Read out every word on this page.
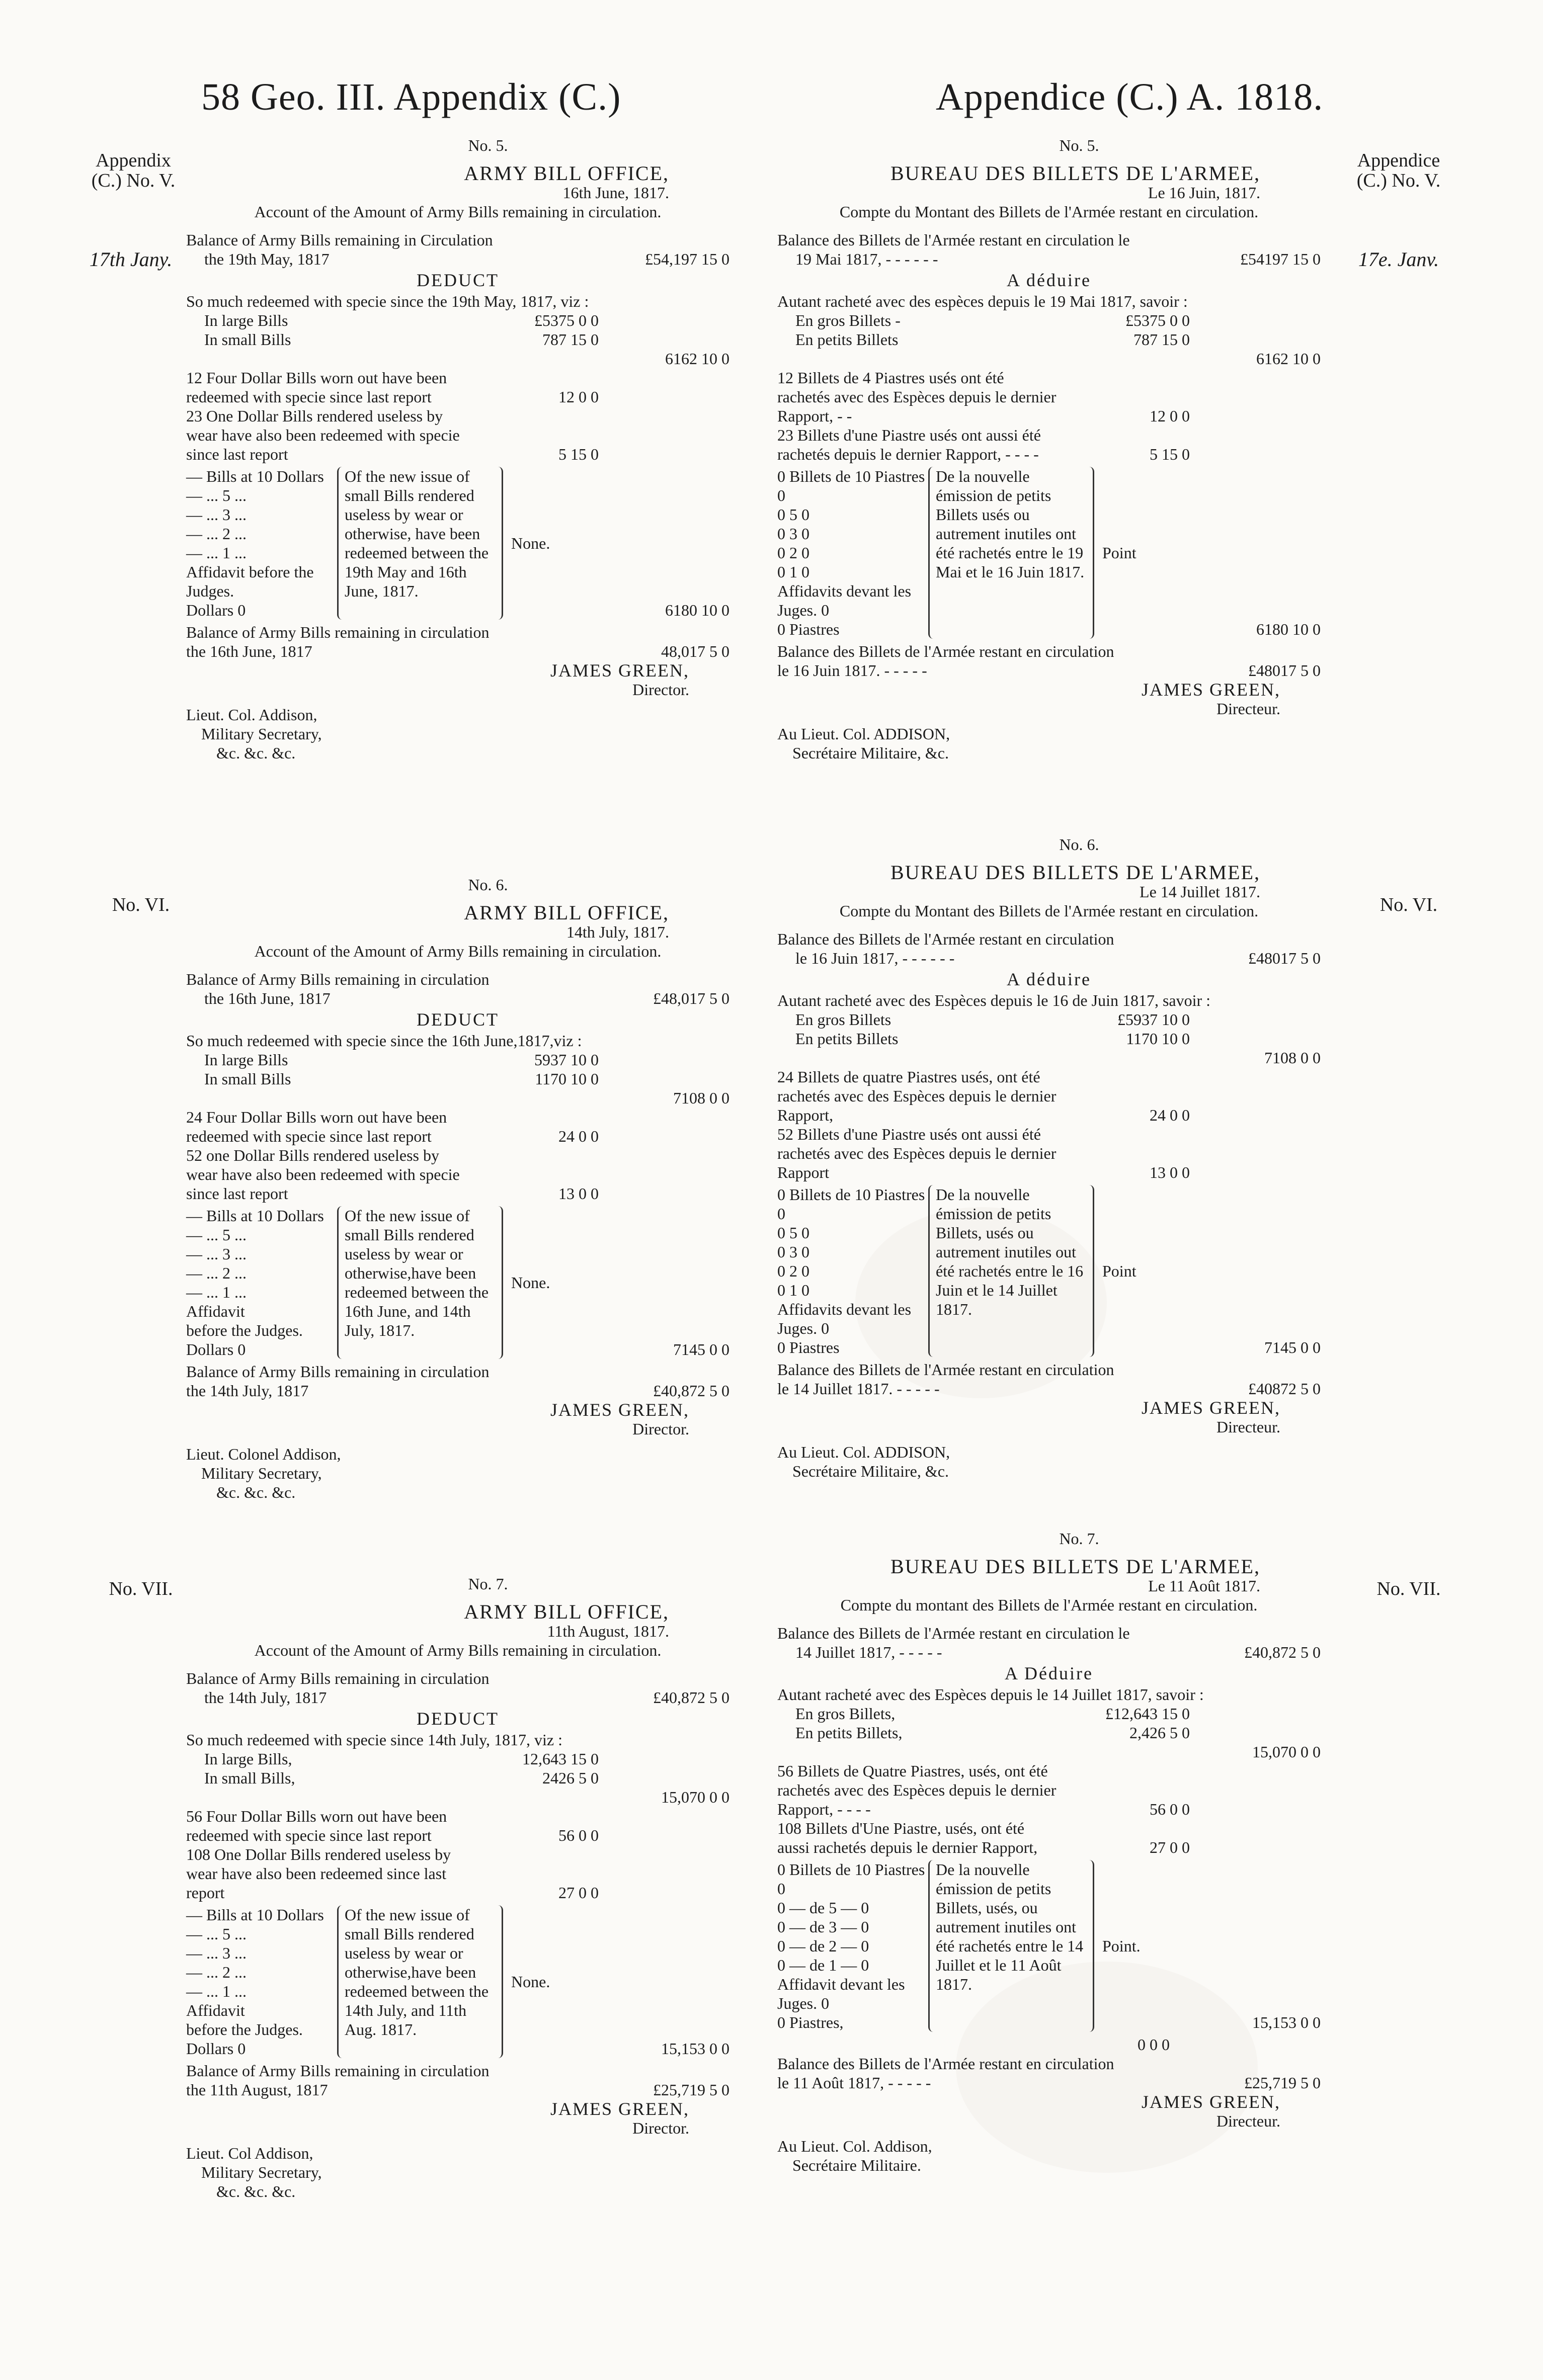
58 Geo. III. Appendix (C.)	Appendice (C.) A. 1818.
Appendix (C.) No. V.
17th Jany.
Appendice (C.) No. V.
17e. Janv.
No. VI.	No. VI.
No. VII.	No. VII.
No. 5.
ARMY BILL OFFICE,
16th June, 1817.
Account of the Amount of Army Bills remaining in circulation.
Balance of Army Bills remaining in Circulation
the 19th May, 1817	£54,197 15 0
DEDUCT
So much redeemed with specie since the 19th May, 1817, viz :
In large Bills	£5375 0 0
In small Bills	787 15 0
6162 10 0
12 Four Dollar Bills worn out have been redeemed with specie since last report	12 0 0
23 One Dollar Bills rendered useless by wear have also been redeemed with specie since last report	5 15 0
— Bills at 10 Dollars
— ... 5 ...
— ... 3 ...
— ... 2 ...
— ... 1 ...
Affidavit before the
Judges.
Dollars 0
Of the new issue of small Bills rendered useless by wear or otherwise, have been redeemed between the 19th May and 16th June, 1817.
None.
6180 10 0
Balance of Army Bills remaining in circulation
the 16th June, 1817	48,017 5 0
JAMES GREEN,
Director.
Lieut. Col. Addison,
Military Secretary,
&c. &c. &c.
No. 6.
ARMY BILL OFFICE,
14th July, 1817.
Account of the Amount of Army Bills remaining in circulation.
Balance of Army Bills remaining in circulation
the 16th June, 1817	£48,017 5 0
DEDUCT
So much redeemed with specie since the 16th June,1817,viz :
In large Bills	5937 10 0
In small Bills	1170 10 0
7108 0 0
24 Four Dollar Bills worn out have been redeemed with specie since last report	24 0 0
52 one Dollar Bills rendered useless by wear have also been redeemed with specie since last report	13 0 0
— Bills at 10 Dollars
— ... 5 ...
— ... 3 ...
— ... 2 ...
— ... 1 ...
Affidavit
before the Judges.
Dollars 0
Of the new issue of small Bills rendered useless by wear or otherwise,have been redeemed between the 16th June, and 14th July, 1817.
None.
7145 0 0
Balance of Army Bills remaining in circulation
the 14th July, 1817	£40,872 5 0
JAMES GREEN,
Director.
Lieut. Colonel Addison,
Military Secretary,
&c. &c. &c.
No. 7.
ARMY BILL OFFICE,
11th August, 1817.
Account of the Amount of Army Bills remaining in circulation.
Balance of Army Bills remaining in circulation
the 14th July, 1817	£40,872 5 0
DEDUCT
So much redeemed with specie since 14th July, 1817, viz :
In large Bills,	12,643 15 0
In small Bills,	2426 5 0
15,070 0 0
56 Four Dollar Bills worn out have been redeemed with specie since last report	56 0 0
108 One Dollar Bills rendered useless by wear have also been redeemed since last report	27 0 0
— Bills at 10 Dollars
— ... 5 ...
— ... 3 ...
— ... 2 ...
— ... 1 ...
Affidavit
before the Judges.
Dollars 0
Of the new issue of small Bills rendered useless by wear or otherwise,have been redeemed between the 14th July, and 11th Aug. 1817.
None.
15,153 0 0
Balance of Army Bills remaining in circulation
the 11th August, 1817	£25,719 5 0
JAMES GREEN,
Director.
Lieut. Col Addison,
Military Secretary,
&c. &c. &c.
No. 5.
BUREAU DES BILLETS DE L'ARMEE,
Le 16 Juin, 1817.
Compte du Montant des Billets de l'Armée restant en circulation.
Balance des Billets de l'Armée restant en circulation le
19 Mai 1817, - - - - - -	£54197 15 0
A déduire
Autant racheté avec des espèces depuis le 19 Mai 1817, savoir :
En gros Billets -	£5375 0 0
En petits Billets	787 15 0
6162 10 0
12 Billets de 4 Piastres usés ont été rachetés avec des Espèces depuis le dernier Rapport, - -	12 0 0
23 Billets d'une Piastre usés ont aussi été rachetés depuis le dernier Rapport, - - - -	5 15 0
0 Billets de 10 Piastres 0
0 5 0
0 3 0
0 2 0
0 1 0
Affidavits devant les
Juges. 0
0 Piastres
De la nouvelle émission de petits Billets usés ou autrement inutiles ont été rachetés entre le 19 Mai et le 16 Juin 1817.
Point
6180 10 0
Balance des Billets de l'Armée restant en circulation
le 16 Juin 1817. - - - - -	£48017 5 0
JAMES GREEN,
Directeur.
Au Lieut. Col. ADDISON,
Secrétaire Militaire, &c.
No. 6.
BUREAU DES BILLETS DE L'ARMEE,
Le 14 Juillet 1817.
Compte du Montant des Billets de l'Armée restant en circulation.
Balance des Billets de l'Armée restant en circulation
le 16 Juin 1817, - - - - - -	£48017 5 0
A déduire
Autant racheté avec des Espèces depuis le 16 de Juin 1817, savoir :
En gros Billets	£5937 10 0
En petits Billets	1170 10 0
7108 0 0
24 Billets de quatre Piastres usés, ont été rachetés avec des Espèces depuis le dernier Rapport,	24 0 0
52 Billets d'une Piastre usés ont aussi été rachetés avec des Espèces depuis le dernier Rapport	13 0 0
0 Billets de 10 Piastres 0
0 5 0
0 3 0
0 2 0
0 1 0
Affidavits devant les
Juges. 0
0 Piastres
De la nouvelle émission de petits Billets, usés ou autrement inutiles out été rachetés entre le 16 Juin et le 14 Juillet 1817.
Point
7145 0 0
Balance des Billets de l'Armée restant en circulation
le 14 Juillet 1817. - - - - -	£40872 5 0
JAMES GREEN,
Directeur.
Au Lieut. Col. ADDISON,
Secrétaire Militaire, &c.
No. 7.
BUREAU DES BILLETS DE L'ARMEE,
Le 11 Août 1817.
Compte du montant des Billets de l'Armée restant en circulation.
Balance des Billets de l'Armée restant en circulation le
14 Juillet 1817, - - - - -	£40,872 5 0
A Déduire
Autant racheté avec des Espèces depuis le 14 Juillet 1817, savoir :
En gros Billets,	£12,643 15 0
En petits Billets,	2,426 5 0
15,070 0 0
56 Billets de Quatre Piastres, usés, ont été rachetés avec des Espèces depuis le dernier Rapport, - - - -	56 0 0
108 Billets d'Une Piastre, usés, ont été aussi rachetés depuis le dernier Rapport,	27 0 0
0 Billets de 10 Piastres 0
0 — de 5 — 0
0 — de 3 — 0
0 — de 2 — 0
0 — de 1 — 0
Affidavit devant les
Juges. 0
0 Piastres,
De la nouvelle émission de petits Billets, usés, ou autrement inutiles ont été rachetés entre le 14 Juillet et le 11 Août 1817.
Point.
15,153 0 0
0 0 0
Balance des Billets de l'Armée restant en circulation
le 11 Août 1817, - - - - -	£25,719 5 0
JAMES GREEN,
Directeur.
Au Lieut. Col. Addison,
Secrétaire Militaire.
